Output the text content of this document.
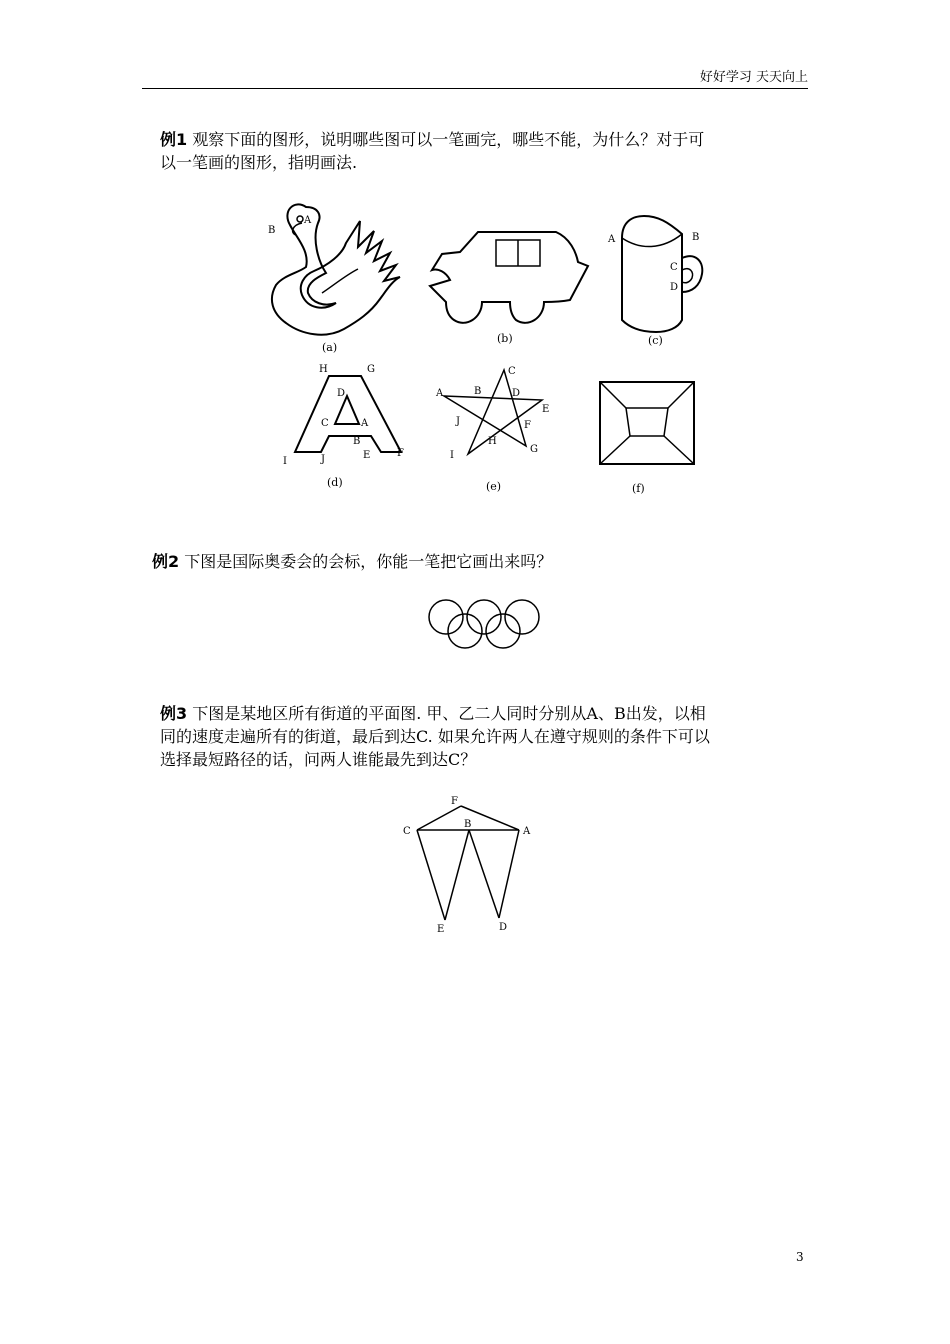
好好学习 天天向上
例1 观察下面的图形，说明哪些图可以一笔画完，哪些不能，为什么？对于可
以一笔画的图形，指明画法.
A
B
(a)
(b)
A	B
C
D
(c)
H	G
D
C	A
B
I	J	E	F
(d)
C
A	B	D
E
J	F
H
I
G
(e)	(f)
例2 下图是国际奥委会的会标，你能一笔把它画出来吗？
例3 下图是某地区所有街道的平面图. 甲、乙二人同时分别从A、B出发，以相
同的速度走遍所有的街道，最后到达C. 如果允许两人在遵守规则的条件下可以
选择最短路径的话，问两人谁能最先到达C？
F
C
B
A
E	D
3
